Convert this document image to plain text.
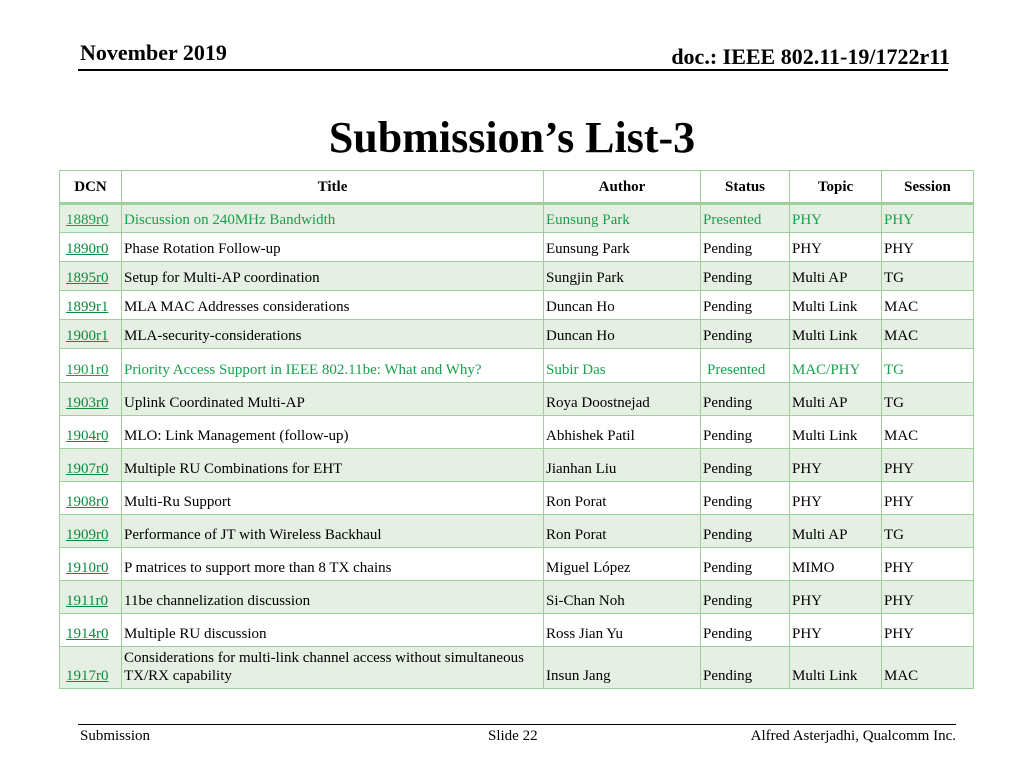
November 2019	doc.: IEEE 802.11-19/1722r11
Submission’s List-3
DCN	Title	Author	Status	Topic	Session
1889r0	Discussion on 240MHz Bandwidth	Eunsung Park	Presented	PHY	PHY
1890r0	Phase Rotation Follow-up	Eunsung Park	Pending	PHY	PHY
1895r0	Setup for Multi-AP coordination	Sungjin Park	Pending	Multi AP	TG
1899r1	MLA MAC Addresses considerations	Duncan Ho	Pending	Multi Link	MAC
1900r1	MLA-security-considerations	Duncan Ho	Pending	Multi Link	MAC
1901r0	Priority Access Support in IEEE 802.11be: What and Why?	Subir Das	Presented	MAC/PHY	TG
1903r0	Uplink Coordinated Multi-AP	Roya Doostnejad	Pending	Multi AP	TG
1904r0	MLO: Link Management (follow-up)	Abhishek Patil	Pending	Multi Link	MAC
1907r0	Multiple RU Combinations for EHT	Jianhan Liu	Pending	PHY	PHY
1908r0	Multi-Ru Support	Ron Porat	Pending	PHY	PHY
1909r0	Performance of JT with Wireless Backhaul	Ron Porat	Pending	Multi AP	TG
1910r0	P matrices to support more than 8 TX chains	Miguel López	Pending	MIMO	PHY
1911r0	11be channelization discussion	Si-Chan Noh	Pending	PHY	PHY
1914r0	Multiple RU discussion	Ross Jian Yu	Pending	PHY	PHY
1917r0	Considerations for multi-link channel access without simultaneous TX/RX capability	Insun Jang	Pending	Multi Link	MAC
Submission	Slide 22	Alfred Asterjadhi, Qualcomm Inc.
